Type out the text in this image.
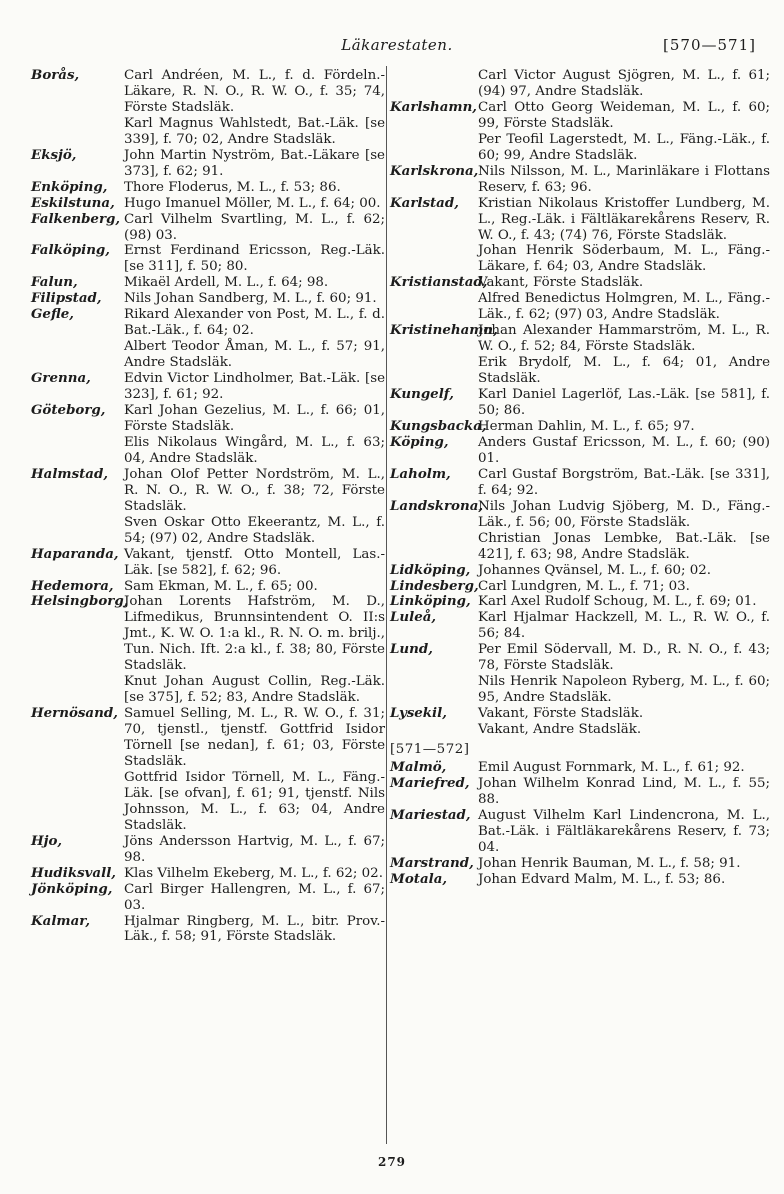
Läkarestaten.	[570—571]
Borås,	Carl Andréen, M. L., f. d. Fördeln.-Läkare, R. N. O., R. W. O., f. 35; 74, Förste Stadsläk.
Karl Magnus Wahlstedt, Bat.-Läk. [se 339], f. 70; 02, Andre Stadsläk.
Eksjö,	John Martin Nyström, Bat.-Läkare [se 373], f. 62; 91.
Enköping,	Thore Floderus, M. L., f. 53; 86.
Eskilstuna, Hugo Imanuel Möller, M. L., f. 64; 00.
Falkenberg, Carl Vilhelm Svartling, M. L., f. 62; (98) 03.
Falköping,	Ernst Ferdinand Ericsson, Reg.-Läk. [se 311], f. 50; 80.
Falun,	Mikaël Ardell, M. L., f. 64; 98.
Filipstad,	Nils Johan Sandberg, M. L., f. 60; 91.
Gefle,	Rikard Alexander von Post, M. L., f. d. Bat.-Läk., f. 64; 02.
Albert Teodor Åman, M. L., f. 57; 91, Andre Stadsläk.
Grenna,	Edvin Victor Lindholmer, Bat.-Läk. [se 323], f. 61; 92.
Göteborg,	Karl Johan Gezelius, M. L., f. 66; 01, Förste Stadsläk.
Elis Nikolaus Wingård, M. L., f. 63; 04, Andre Stadsläk.
Halmstad,	Johan Olof Petter Nordström, M. L., R. N. O., R. W. O., f. 38; 72, Förste Stadsläk.
Sven Oskar Otto Ekeerantz, M. L., f. 54; (97) 02, Andre Stadsläk.
Haparanda, Vakant, tjenstf. Otto Montell, Las.-Läk. [se 582], f. 62; 96.
Hedemora, Sam Ekman, M. L., f. 65; 00.
Helsingborg,
Johan Lorents Hafström, M. D., Lifmedikus, Brunnsintendent O. II:s Jmt., K. W. O. 1:a kl., R. N. O. m. brilj., Tun. Nich. Ift. 2:a kl., f. 38; 80, Förste Stadsläk.
Knut Johan August Collin, Reg.-Läk. [se 375], f. 52; 83, Andre Stadsläk.
Hernösand, Samuel Selling, M. L., R. W. O., f. 31; 70, tjenstl., tjenstf. Gottfrid Isidor Törnell [se nedan], f. 61; 03, Förste Stadsläk.
Gottfrid Isidor Törnell, M. L., Fäng.-Läk. [se ofvan], f. 61; 91, tjenstf. Nils Johnsson, M. L., f. 63; 04, Andre Stadsläk.
Hjo,	Jöns Andersson Hartvig, M. L., f. 67; 98.
Hudiksvall, Klas Vilhelm Ekeberg, M. L., f. 62; 02.
Jönköping, Carl Birger Hallengren, M. L., f. 67; 03.
Kalmar,	Hjalmar Ringberg, M. L., bitr. Prov.-Läk., f. 58; 91, Förste Stadsläk.
Carl Victor August Sjögren, M. L., f. 61; (94) 97, Andre Stadsläk.
Karlshamn, Carl Otto Georg Weideman, M. L., f. 60; 99, Förste Stadsläk.
Per Teofil Lagerstedt, M. L., Fäng.-Läk., f. 60; 99, Andre Stadsläk.
Karlskrona, Nils Nilsson, M. L., Marinläkare i Flottans Reserv, f. 63; 96.
Karlstad,	Kristian Nikolaus Kristoffer Lundberg, M. L., Reg.-Läk. i Fältläkarekårens Reserv, R. W. O., f. 43; (74) 76, Förste Stadsläk.
Johan Henrik Söderbaum, M. L., Fäng.-Läkare, f. 64; 03, Andre Stadsläk.
Kristianstad,
Vakant, Förste Stadsläk.
Alfred Benedictus Holmgren, M. L., Fäng.-Läk., f. 62; (97) 03, Andre Stadsläk.
Kristinehamn,
Johan Alexander Hammarström, M. L., R. W. O., f. 52; 84, Förste Stadsläk.
Erik Brydolf, M. L., f. 64; 01, Andre Stadsläk.
Kungelf,	Karl Daniel Lagerlöf, Las.-Läk. [se 581], f. 50; 86.
Kungsbacka,
Herman Dahlin, M. L., f. 65; 97.
Köping,	Anders Gustaf Ericsson, M. L., f. 60; (90) 01.
Laholm,	Carl Gustaf Borgström, Bat.-Läk. [se 331], f. 64; 92.
Landskrona,
Nils Johan Ludvig Sjöberg, M. D., Fäng.-Läk., f. 56; 00, Förste Stadsläk.
Christian Jonas Lembke, Bat.-Läk. [se 421], f. 63; 98, Andre Stadsläk.
Lidköping, Johannes Qvänsel, M. L., f. 60; 02.
Lindesberg, Carl Lundgren, M. L., f. 71; 03.
Linköping, Karl Axel Rudolf Schoug, M. L., f. 69; 01.
Luleå,	Karl Hjalmar Hackzell, M. L., R. W. O., f. 56; 84.
Lund,	Per Emil Södervall, M. D., R. N. O., f. 43; 78, Förste Stadsläk.
Nils Henrik Napoleon Ryberg, M. L., f. 60; 95, Andre Stadsläk.
Lysekil,	Vakant, Förste Stadsläk.
Vakant, Andre Stadsläk.
[571—572]
Malmö,	Emil August Fornmark, M. L., f. 61; 92.
Mariefred, Johan Wilhelm Konrad Lind, M. L., f. 55; 88.
Mariestad, August Vilhelm Karl Lindencrona, M. L., Bat.-Läk. i Fältläkarekårens Reserv, f. 73; 04.
Marstrand, Johan Henrik Bauman, M. L., f. 58; 91.
Motala,	Johan Edvard Malm, M. L., f. 53; 86.
279
